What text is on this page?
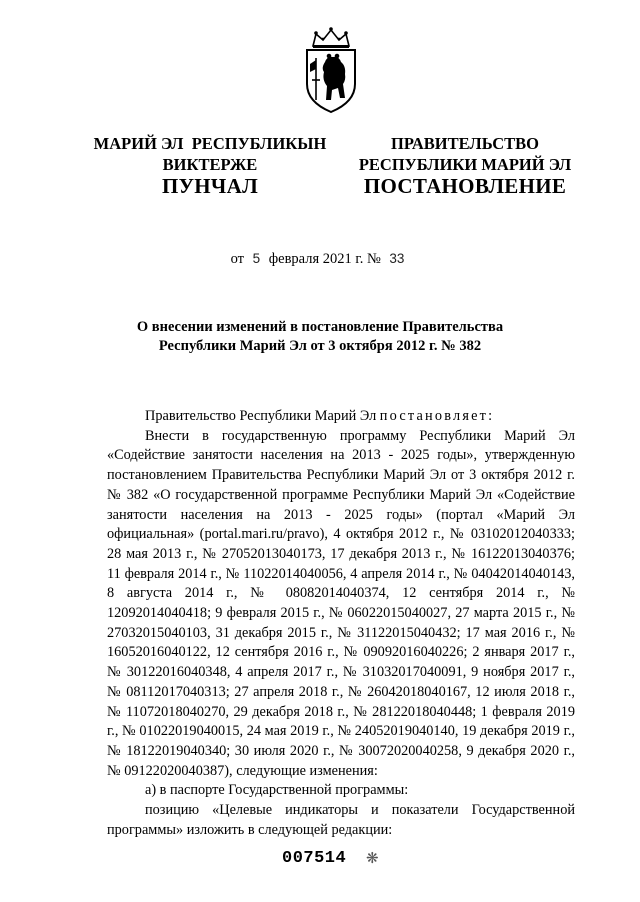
МАРИЙ ЭЛ  РЕСПУБЛИКЫН
ВИКТЕРЖЕ
ПРАВИТЕЛЬСТВО
РЕСПУБЛИКИ МАРИЙ ЭЛ
ПУНЧАЛ	ПОСТАНОВЛЕНИЕ
от 5 февраля 2021 г. № 33
О внесении изменений в постановление Правительства
Республики Марий Эл от 3 октября 2012 г. № 382

Правительство Республики Марий Эл постановляет:

Внести в государственную программу Республики Марий Эл «Содействие занятости населения на 2013 - 2025 годы», утвержденную постановлением Правительства Республики Марий Эл от 3 октября 2012 г. № 382 «О государственной программе Республики Марий Эл «Содействие занятости населения на 2013 - 2025 годы» (портал «Марий Эл официальная» (portal.mari.ru/pravo), 4 октября 2012 г., № 03102012040333; 28 мая 2013 г., № 27052013040173, 17 декабря 2013 г., № 16122013040376; 11 февраля 2014 г., № 11022014040056, 4 апреля 2014 г., № 04042014040143, 8 августа 2014 г., № 08082014040374, 12 сентября 2014 г., № 12092014040418; 9 февраля 2015 г., № 06022015040027, 27 марта 2015 г., № 27032015040103, 31 декабря 2015 г., № 31122015040432; 17 мая 2016 г., № 16052016040122, 12 сентября 2016 г., № 09092016040226; 2 января 2017 г., № 30122016040348, 4 апреля 2017 г., № 31032017040091, 9 ноября 2017 г., № 08112017040313; 27 апреля 2018 г., № 26042018040167, 12 июля 2018 г., № 11072018040270, 29 декабря 2018 г., № 28122018040448; 1 февраля 2019 г., № 01022019040015, 24 мая 2019 г., № 24052019040140, 19 декабря 2019 г., № 18122019040340; 30 июля 2020 г., № 30072020040258, 9 декабря 2020 г., № 09122020040387), следующие изменения:

а) в паспорте Государственной программы:

позицию «Целевые индикаторы и показатели Государственной программы» изложить в следующей редакции:

007514 ❋
